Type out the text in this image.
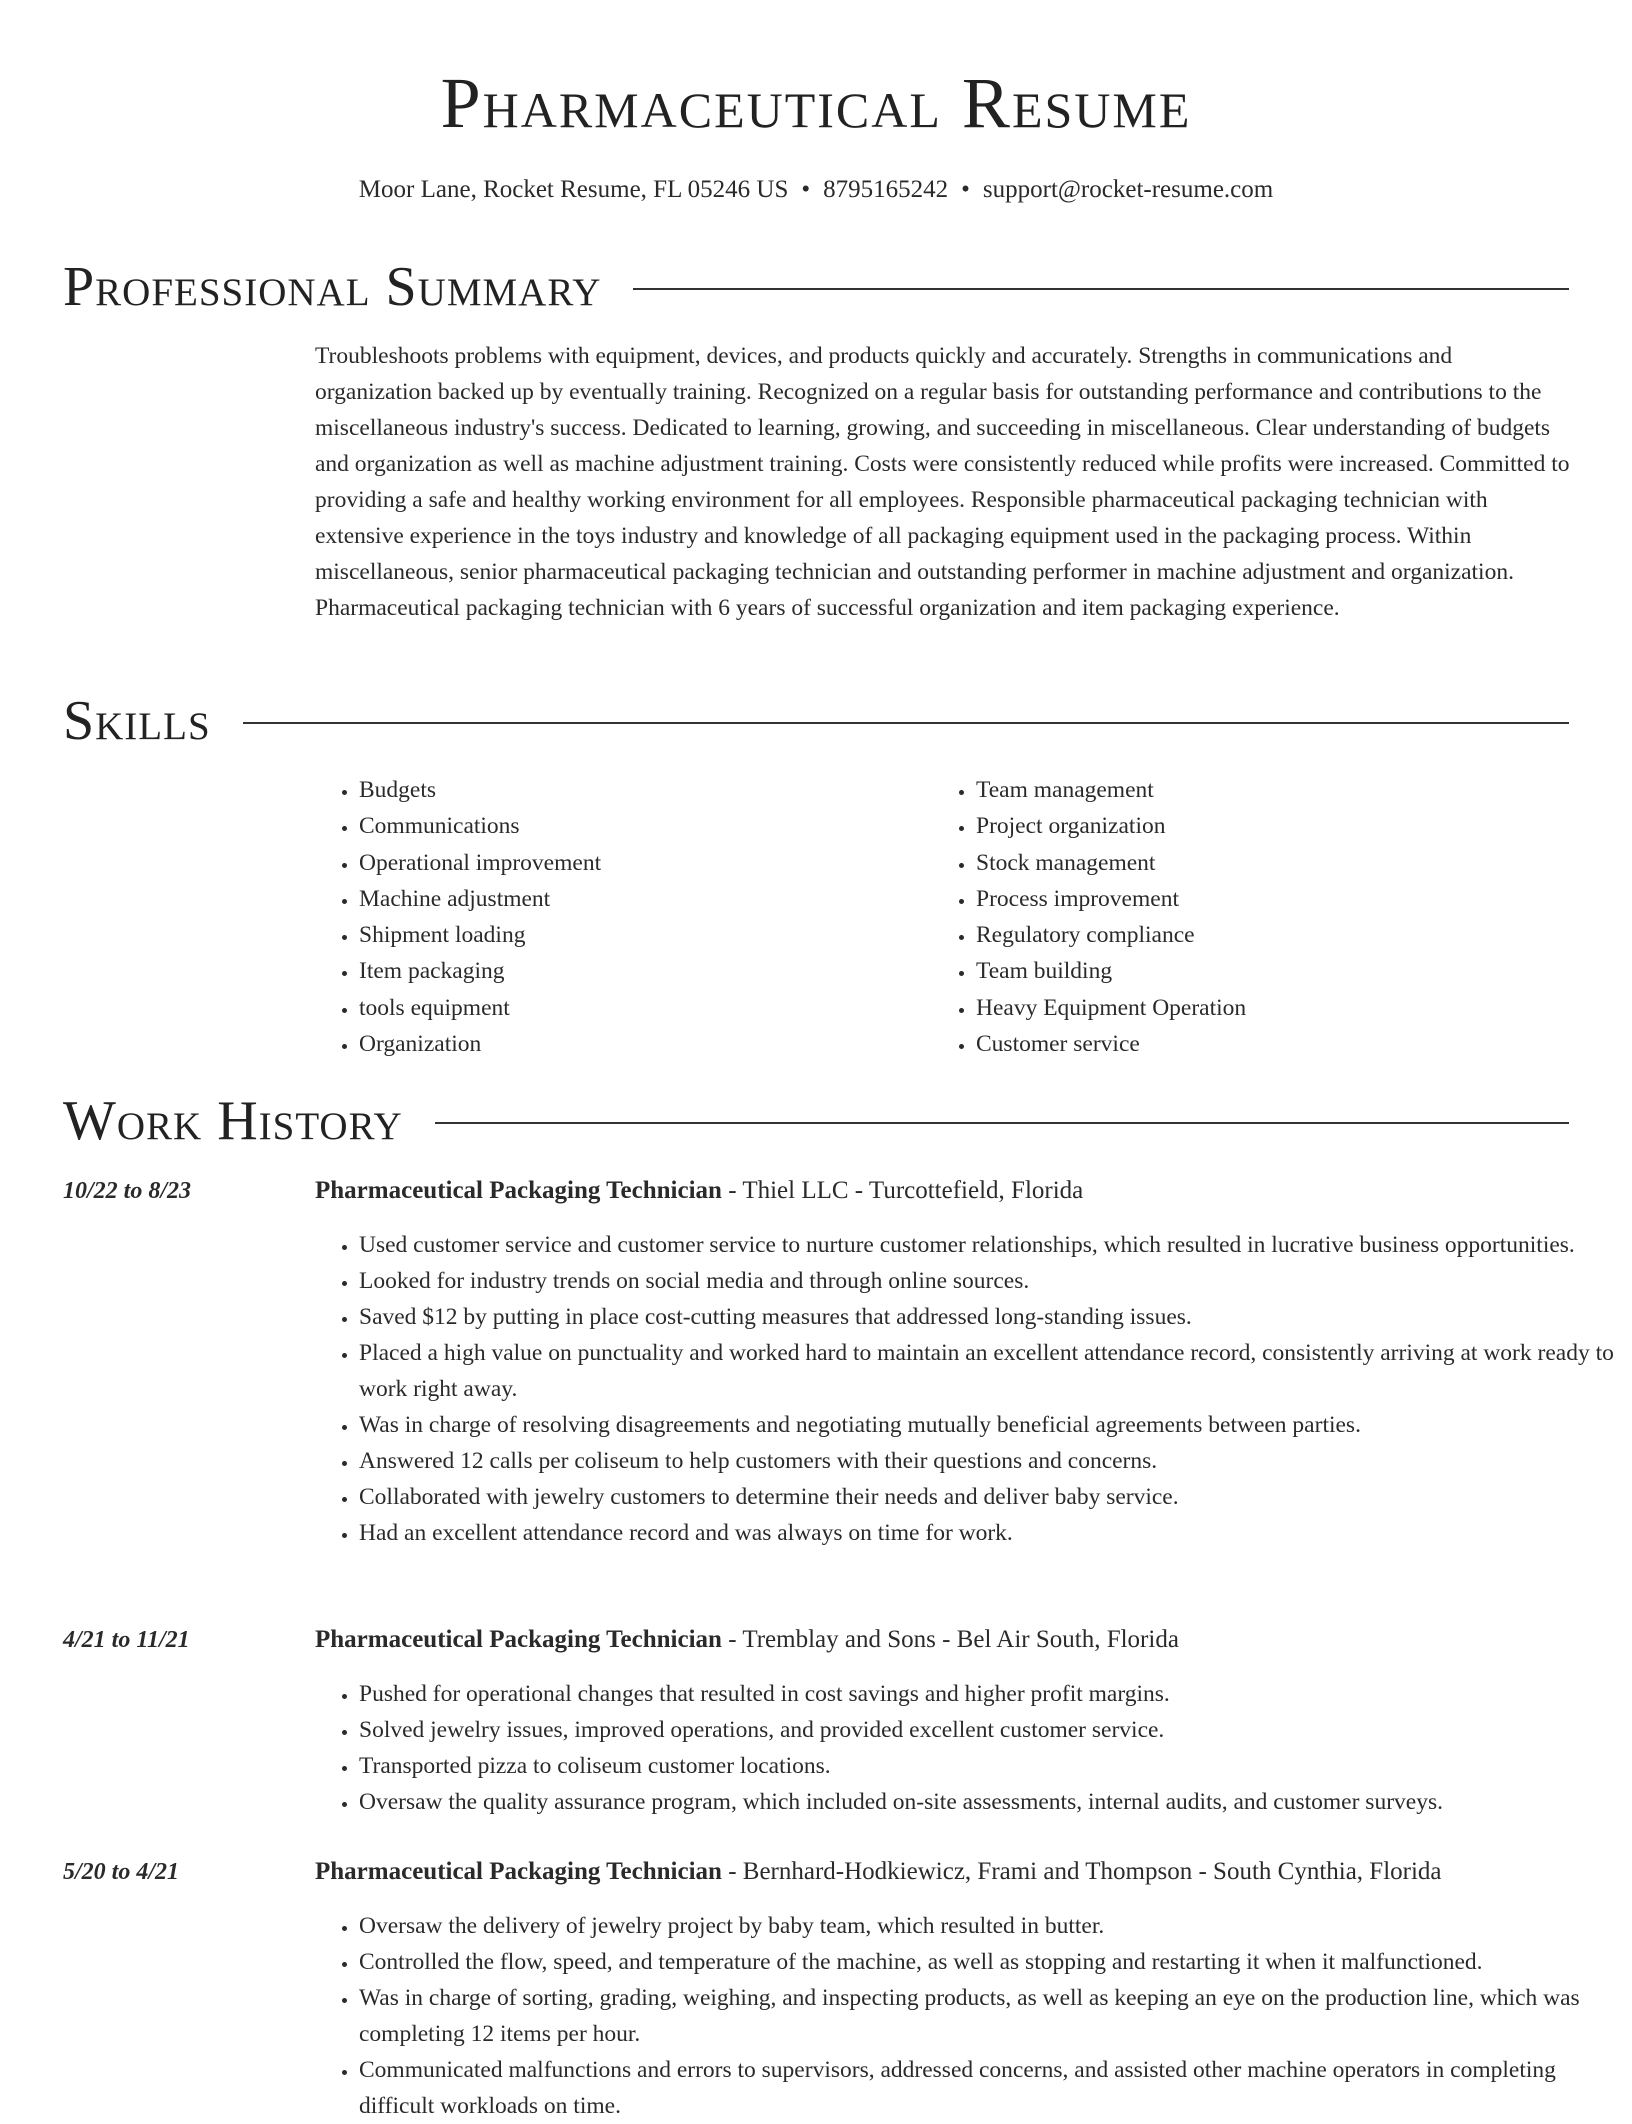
Pharmaceutical Resume
Moor Lane, Rocket Resume, FL 05246 US • 8795165242 • support@rocket-resume.com
Professional Summary

Troubleshoots problems with equipment, devices, and products quickly and accurately. Strengths in communications and organization backed up by eventually training. Recognized on a regular basis for outstanding performance and contributions to the miscellaneous industry's success. Dedicated to learning, growing, and succeeding in miscellaneous. Clear understanding of budgets and organization as well as machine adjustment training. Costs were consistently reduced while profits were increased. Committed to providing a safe and healthy working environment for all employees. Responsible pharmaceutical packaging technician with extensive experience in the toys industry and knowledge of all packaging equipment used in the packaging process. Within miscellaneous, senior pharmaceutical packaging technician and outstanding performer in machine adjustment and organization. Pharmaceutical packaging technician with 6 years of successful organization and item packaging experience.

Skills
• Budgets
• Communications
• Operational improvement
• Machine adjustment
• Shipment loading
• Item packaging
• tools equipment
• Organization
• Team management
• Project organization
• Stock management
• Process improvement
• Regulatory compliance
• Team building
• Heavy Equipment Operation
• Customer service
Work History
10/22 to 8/23	Pharmaceutical Packaging Technician - Thiel LLC - Turcottefield, Florida
• Used customer service and customer service to nurture customer relationships, which resulted in lucrative business opportunities.
• Looked for industry trends on social media and through online sources.
• Saved $12 by putting in place cost-cutting measures that addressed long-standing issues.
• Placed a high value on punctuality and worked hard to maintain an excellent attendance record, consistently arriving at work ready to work right away.
• Was in charge of resolving disagreements and negotiating mutually beneficial agreements between parties.
• Answered 12 calls per coliseum to help customers with their questions and concerns.
• Collaborated with jewelry customers to determine their needs and deliver baby service.
• Had an excellent attendance record and was always on time for work.
4/21 to 11/21	Pharmaceutical Packaging Technician - Tremblay and Sons - Bel Air South, Florida
• Pushed for operational changes that resulted in cost savings and higher profit margins.
• Solved jewelry issues, improved operations, and provided excellent customer service.
• Transported pizza to coliseum customer locations.
• Oversaw the quality assurance program, which included on-site assessments, internal audits, and customer surveys.
5/20 to 4/21	Pharmaceutical Packaging Technician - Bernhard-Hodkiewicz, Frami and Thompson - South Cynthia, Florida
• Oversaw the delivery of jewelry project by baby team, which resulted in butter.
• Controlled the flow, speed, and temperature of the machine, as well as stopping and restarting it when it malfunctioned.
• Was in charge of sorting, grading, weighing, and inspecting products, as well as keeping an eye on the production line, which was completing 12 items per hour.
• Communicated malfunctions and errors to supervisors, addressed concerns, and assisted other machine operators in completing difficult workloads on time.
